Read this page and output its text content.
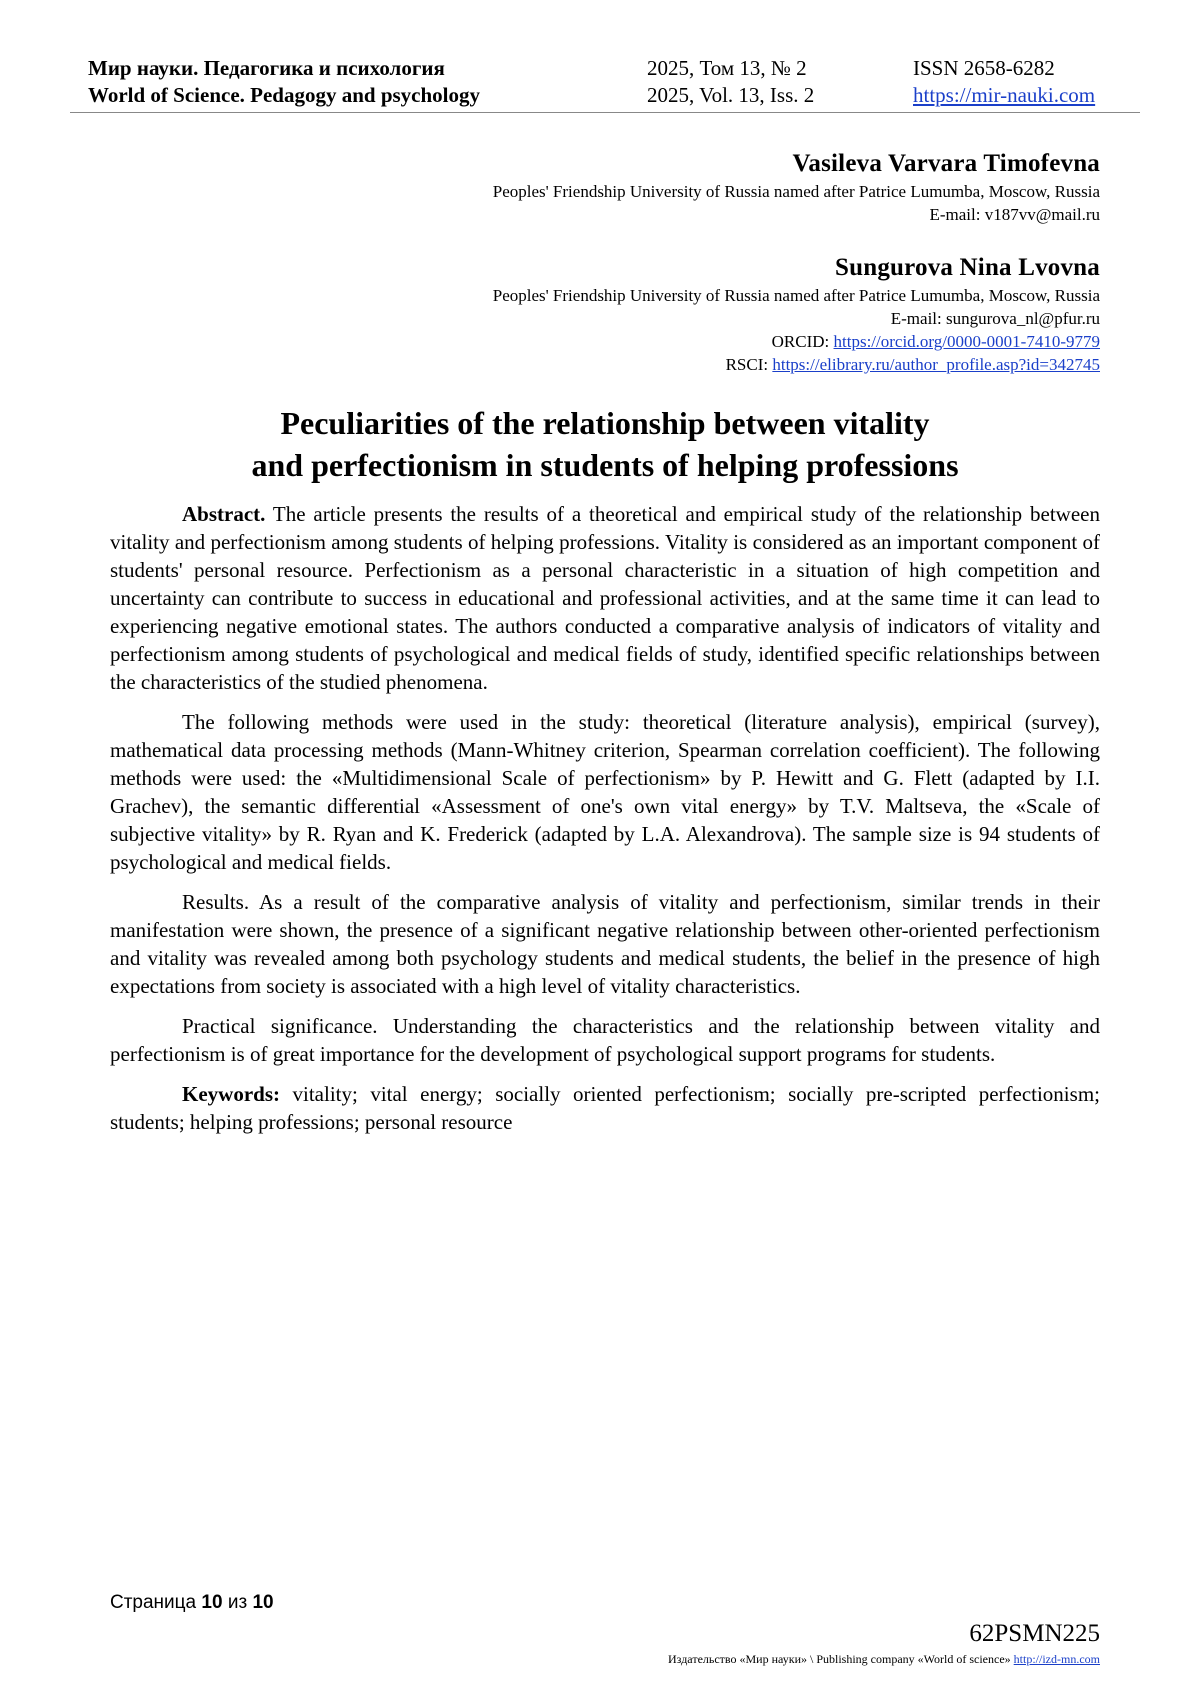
Мир науки. Педагогика и психология	2025, Том 13, № 2	ISSN 2658-6282
World of Science. Pedagogy and psychology	2025, Vol. 13, Iss. 2	https://mir-nauki.com
Vasileva Varvara Timofevna
Peoples' Friendship University of Russia named after Patrice Lumumba, Moscow, Russia
E-mail: v187vv@mail.ru
Sungurova Nina Lvovna
Peoples' Friendship University of Russia named after Patrice Lumumba, Moscow, Russia
E-mail: sungurova_nl@pfur.ru
ORCID: https://orcid.org/0000-0001-7410-9779
RSCI: https://elibrary.ru/author_profile.asp?id=342745
Peculiarities of the relationship between vitality
and perfectionism in students of helping professions

Abstract. The article presents the results of a theoretical and empirical study of the relationship between vitality and perfectionism among students of helping professions. Vitality is considered as an important component of students' personal resource. Perfectionism as a personal characteristic in a situation of high competition and uncertainty can contribute to success in educational and professional activities, and at the same time it can lead to experiencing negative emotional states. The authors conducted a comparative analysis of indicators of vitality and perfectionism among students of psychological and medical fields of study, identified specific relationships between the characteristics of the studied phenomena.

The following methods were used in the study: theoretical (literature analysis), empirical (survey), mathematical data processing methods (Mann-Whitney criterion, Spearman correlation coefficient). The following methods were used: the «Multidimensional Scale of perfectionism» by P. Hewitt and G. Flett (adapted by I.I. Grachev), the semantic differential «Assessment of one's own vital energy» by T.V. Maltseva, the «Scale of subjective vitality» by R. Ryan and K. Frederick (adapted by L.A. Alexandrova). The sample size is 94 students of psychological and medical fields.

Results. As a result of the comparative analysis of vitality and perfectionism, similar trends in their manifestation were shown, the presence of a significant negative relationship between other-oriented perfectionism and vitality was revealed among both psychology students and medical students, the belief in the presence of high expectations from society is associated with a high level of vitality characteristics.

Practical significance. Understanding the characteristics and the relationship between vitality and perfectionism is of great importance for the development of psychological support programs for students.

Keywords: vitality; vital energy; socially oriented perfectionism; socially pre-scripted perfectionism; students; helping professions; personal resource

Страница 10 из 10
62PSMN225
Издательство «Мир науки» \ Publishing company «World of science» http://izd-mn.com
